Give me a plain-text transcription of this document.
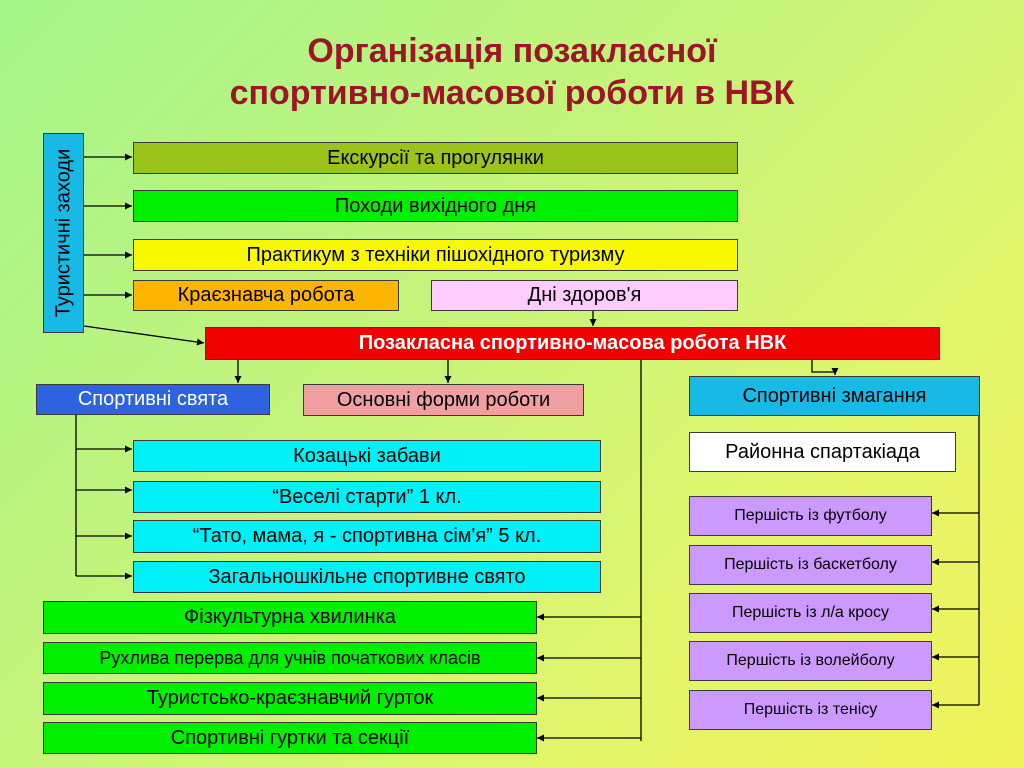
Організація позакласної
спортивно-масової роботи в НВК
Туристичні заходи	Екскурсії та прогулянки
Походи вихідного дня
Практикум з техніки пішохідного туризму
Краєзнавча робота	Дні здоров'я
Позакласна спортивно-масова робота НВК
Спортивні свята	Основні форми роботи	Спортивні змагання
Районна спартакіада
Козацькі забави
“Веселі старти” 1 кл.
“Тато, мама, я - спортивна сім'я” 5 кл.
Загальношкільне спортивне свято
Фізкультурна хвилинка
Рухлива перерва для учнів початкових класів
Туристсько-краєзнавчий гурток
Спортивні гуртки та секції
Першість із футболу
Першість із баскетболу
Першість із л/а кросу
Першість із волейболу
Першість із тенісу
